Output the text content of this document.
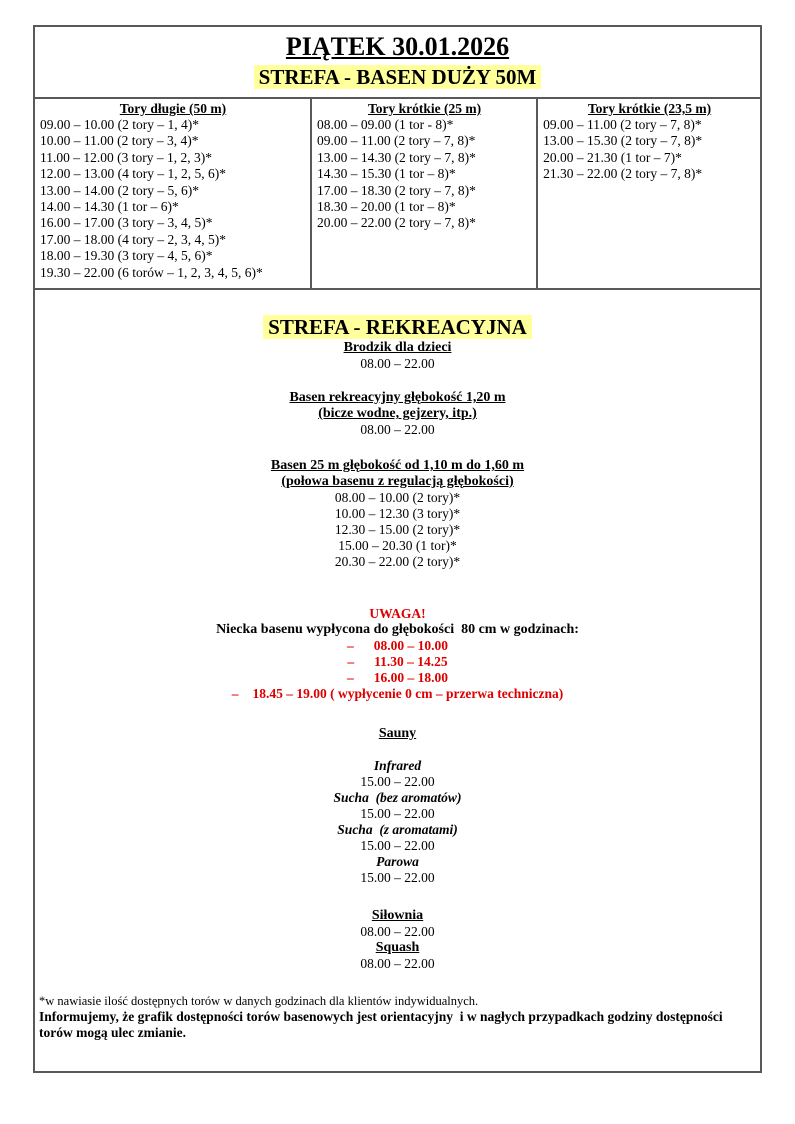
PIĄTEK 30.01.2026
STREFA - BASEN DUŻY 50M
Tory długie (50 m)
09.00 – 10.00 (2 tory – 1, 4)*
10.00 – 11.00 (2 tory – 3, 4)*
11.00 – 12.00 (3 tory – 1, 2, 3)*
12.00 – 13.00 (4 tory – 1, 2, 5, 6)*
13.00 – 14.00 (2 tory – 5, 6)*
14.00 – 14.30 (1 tor – 6)*
16.00 – 17.00 (3 tory – 3, 4, 5)*
17.00 – 18.00 (4 tory – 2, 3, 4, 5)*
18.00 – 19.30 (3 tory – 4, 5, 6)*
19.30 – 22.00 (6 torów – 1, 2, 3, 4, 5, 6)*
Tory krótkie (25 m)
08.00 – 09.00 (1 tor - 8)*
09.00 – 11.00 (2 tory – 7, 8)*
13.00 – 14.30 (2 tory – 7, 8)*
14.30 – 15.30 (1 tor – 8)*
17.00 – 18.30 (2 tory – 7, 8)*
18.30 – 20.00 (1 tor – 8)*
20.00 – 22.00 (2 tory – 7, 8)*
Tory krótkie (23,5 m)
09.00 – 11.00 (2 tory – 7, 8)*
13.00 – 15.30 (2 tory – 7, 8)*
20.00 – 21.30 (1 tor – 7)*
21.30 – 22.00 (2 tory – 7, 8)*
STREFA - REKREACYJNA
Brodzik dla dzieci
08.00 – 22.00
Basen rekreacyjny głębokość 1,20 m
(bicze wodne, gejzery, itp.)
08.00 – 22.00
Basen 25 m głębokość od 1,10 m do 1,60 m
(połowa basenu z regulacją głębokości)
08.00 – 10.00 (2 tory)*
10.00 – 12.30 (3 tory)*
12.30 – 15.00 (2 tory)*
15.00 – 20.30 (1 tor)*
20.30 – 22.00 (2 tory)*
UWAGA!
Niecka basenu wypłycona do głębokości  80 cm w godzinach:
– 08.00 – 10.00
– 11.30 – 14.25
– 16.00 – 18.00
– 18.45 – 19.00 ( wypłycenie 0 cm – przerwa techniczna)
Sauny
Infrared
15.00 – 22.00
Sucha  (bez aromatów)
15.00 – 22.00
Sucha  (z aromatami)
15.00 – 22.00
Parowa
15.00 – 22.00
Siłownia
08.00 – 22.00
Squash
08.00 – 22.00
*w nawiasie ilość dostępnych torów w danych godzinach dla klientów indywidualnych.
Informujemy, że grafik dostępności torów basenowych jest orientacyjny  i w nagłych przypadkach godziny dostępności torów mogą ulec zmianie.
